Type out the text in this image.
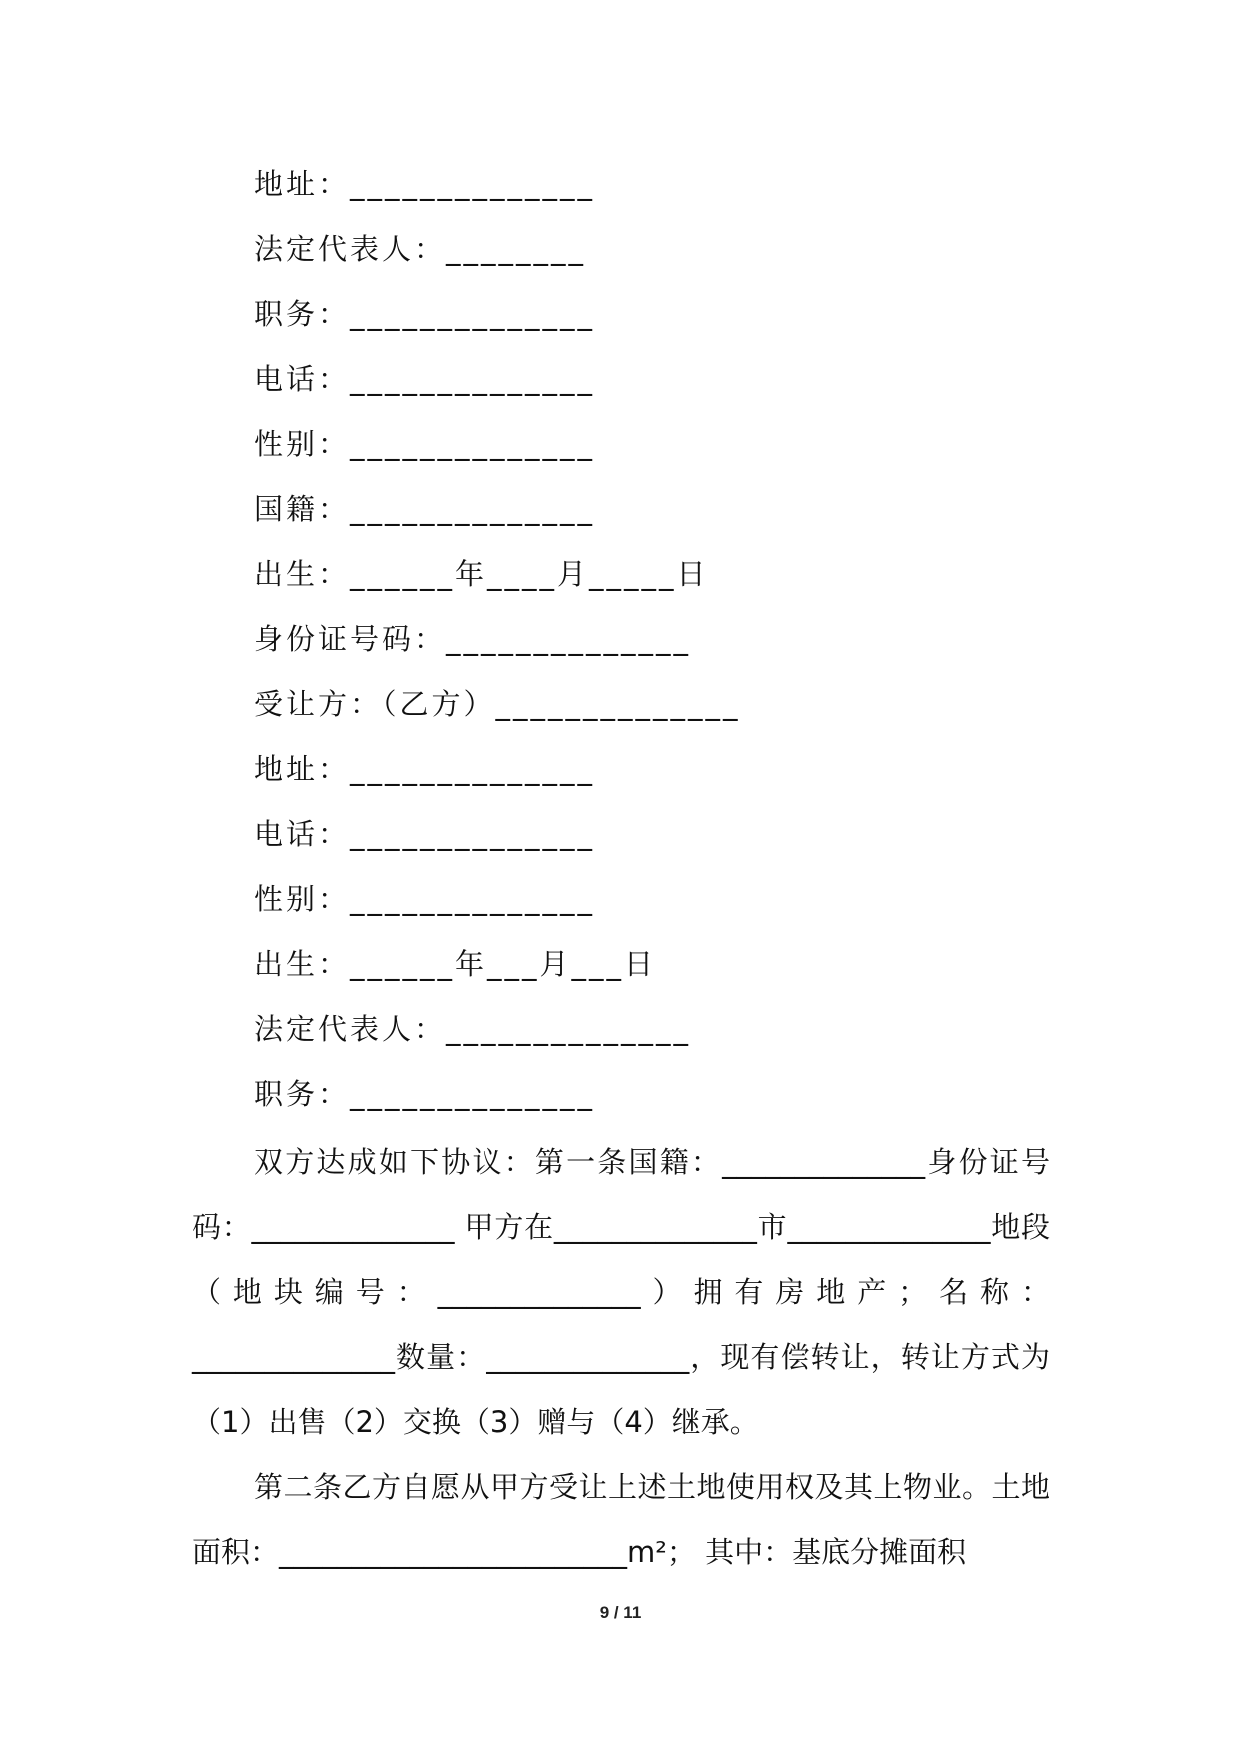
地址：______________
法定代表人：________
职务：______________
电话：______________
性别：______________
国籍：______________
出生：______年____月_____日
身份证号码：______________
受让方：（乙方）______________
地址：______________
电话：______________
性别：______________
出生：______年___月___日
法定代表人：______________
职务：______________

双方达成如下协议：第一条国籍：______________身份证号码：______________ 甲方在______________市______________地段（地块编号：______________）拥有房地产；名称：______________数量：______________，现有偿转让，转让方式为（1）出售（2）交换（3）赠与（4）继承。

第二条乙方自愿从甲方受让上述土地使用权及其上物业。土地面积：________________________m²； 其中：基底分摊面积

9 / 11
